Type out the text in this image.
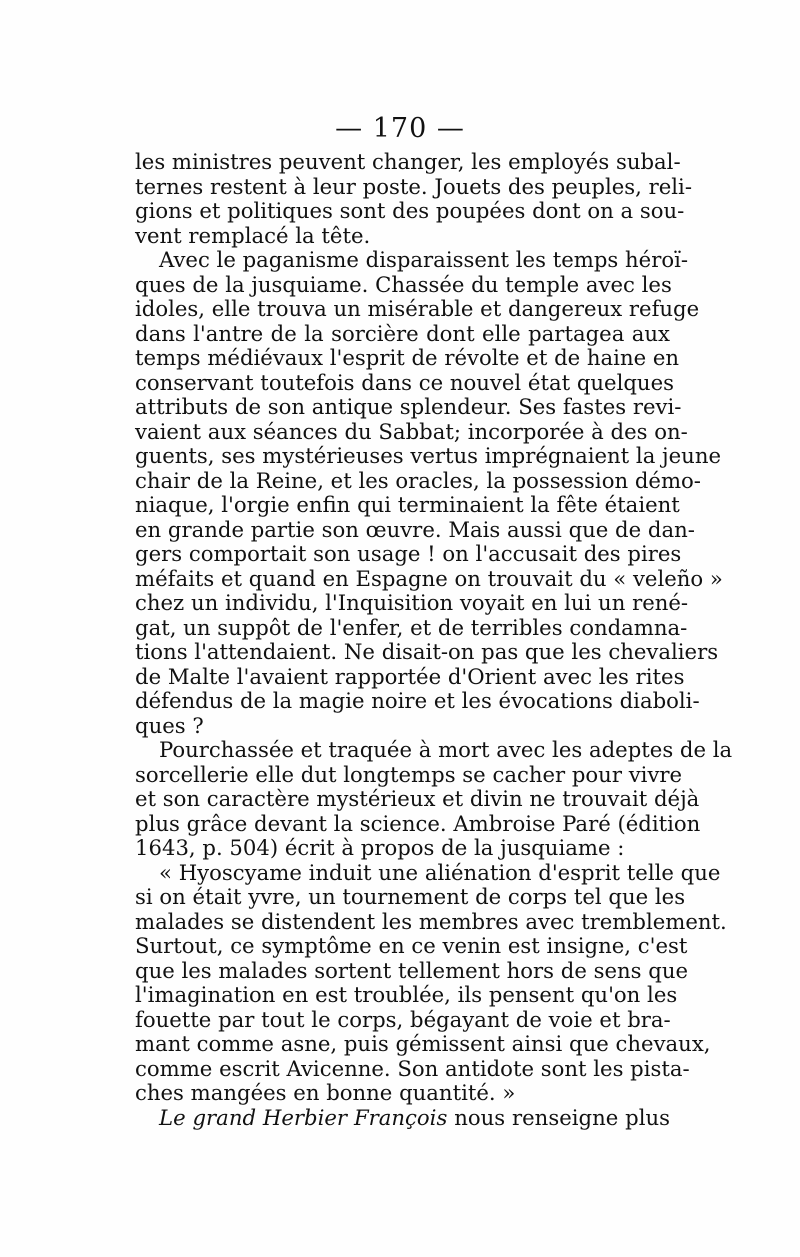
— 170 —
les ministres peuvent changer, les employés subal-
ternes restent à leur poste. Jouets des peuples, reli-
gions et politiques sont des poupées dont on a sou-
vent remplacé la tête.
Avec le paganisme disparaissent les temps héroï-
ques de la jusquiame. Chassée du temple avec les
idoles, elle trouva un misérable et dangereux refuge
dans l'antre de la sorcière dont elle partagea aux
temps médiévaux l'esprit de révolte et de haine en
conservant toutefois dans ce nouvel état quelques
attributs de son antique splendeur. Ses fastes revi-
vaient aux séances du Sabbat; incorporée à des on-
guents, ses mystérieuses vertus imprégnaient la jeune
chair de la Reine, et les oracles, la possession démo-
niaque, l'orgie enfin qui terminaient la fête étaient
en grande partie son œuvre. Mais aussi que de dan-
gers comportait son usage ! on l'accusait des pires
méfaits et quand en Espagne on trouvait du « veleño »
chez un individu, l'Inquisition voyait en lui un rené-
gat, un suppôt de l'enfer, et de terribles condamna-
tions l'attendaient. Ne disait-on pas que les chevaliers
de Malte l'avaient rapportée d'Orient avec les rites
défendus de la magie noire et les évocations diaboli-
ques ?
Pourchassée et traquée à mort avec les adeptes de la
sorcellerie elle dut longtemps se cacher pour vivre
et son caractère mystérieux et divin ne trouvait déjà
plus grâce devant la science. Ambroise Paré (édition
1643, p. 504) écrit à propos de la jusquiame :
« Hyoscyame induit une aliénation d'esprit telle que
si on était yvre, un tournement de corps tel que les
malades se distendent les membres avec tremblement.
Surtout, ce symptôme en ce venin est insigne, c'est
que les malades sortent tellement hors de sens que
l'imagination en est troublée, ils pensent qu'on les
fouette par tout le corps, bégayant de voie et bra-
mant comme asne, puis gémissent ainsi que chevaux,
comme escrit Avicenne. Son antidote sont les pista-
ches mangées en bonne quantité. »
Le grand Herbier François nous renseigne plus
